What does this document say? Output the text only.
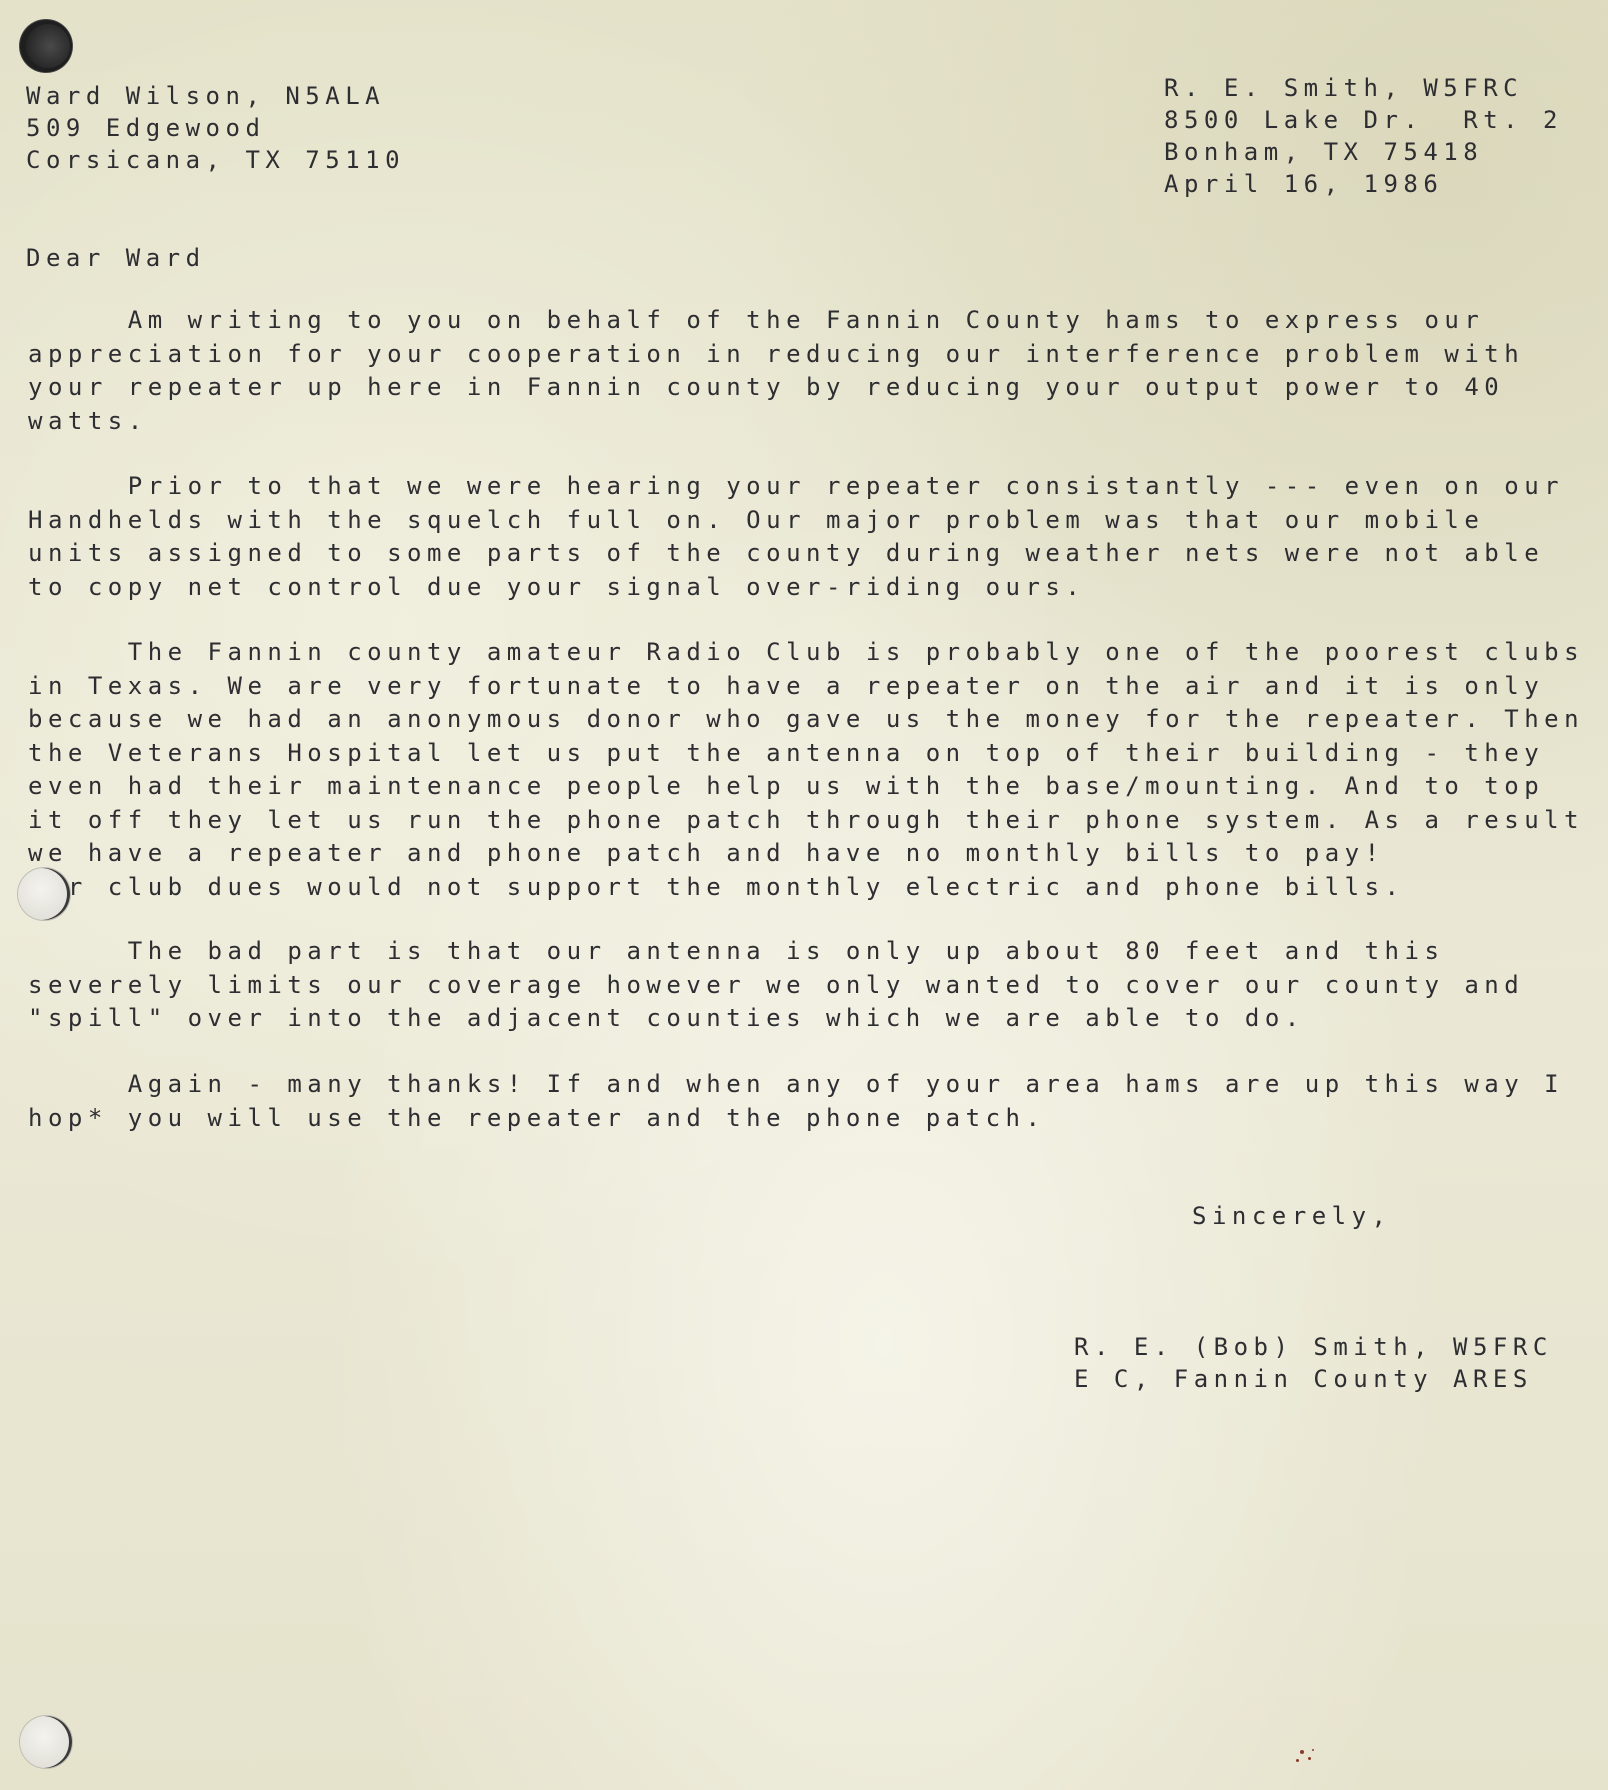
Ward Wilson, N5ALA
509 Edgewood
Corsicana, TX 75110
R. E. Smith, W5FRC
8500 Lake Dr.  Rt. 2
Bonham, TX 75418
April 16, 1986
Dear Ward
Am writing to you on behalf of the Fannin County hams to express our
appreciation for your cooperation in reducing our interference problem with
your repeater up here in Fannin county by reducing your output power to 40
watts.
Prior to that we were hearing your repeater consistantly --- even on our
Handhelds with the squelch full on. Our major problem was that our mobile
units assigned to some parts of the county during weather nets were not able
to copy net control due your signal over-riding ours.
The Fannin county amateur Radio Club is probably one of the poorest clubs
in Texas. We are very fortunate to have a repeater on the air and it is only
because we had an anonymous donor who gave us the money for the repeater. Then
the Veterans Hospital let us put the antenna on top of their building - they
even had their maintenance people help us with the base/mounting. And to top
it off they let us run the phone patch through their phone system. As a result
we have a repeater and phone patch and have no monthly bills to pay!
r club dues would not support the monthly electric and phone bills.
The bad part is that our antenna is only up about 80 feet and this
severely limits our coverage however we only wanted to cover our county and
"spill" over into the adjacent counties which we are able to do.
Again - many thanks! If and when any of your area hams are up this way I
hop* you will use the repeater and the phone patch.
Sincerely,
R. E. (Bob) Smith, W5FRC
E C, Fannin County ARES
